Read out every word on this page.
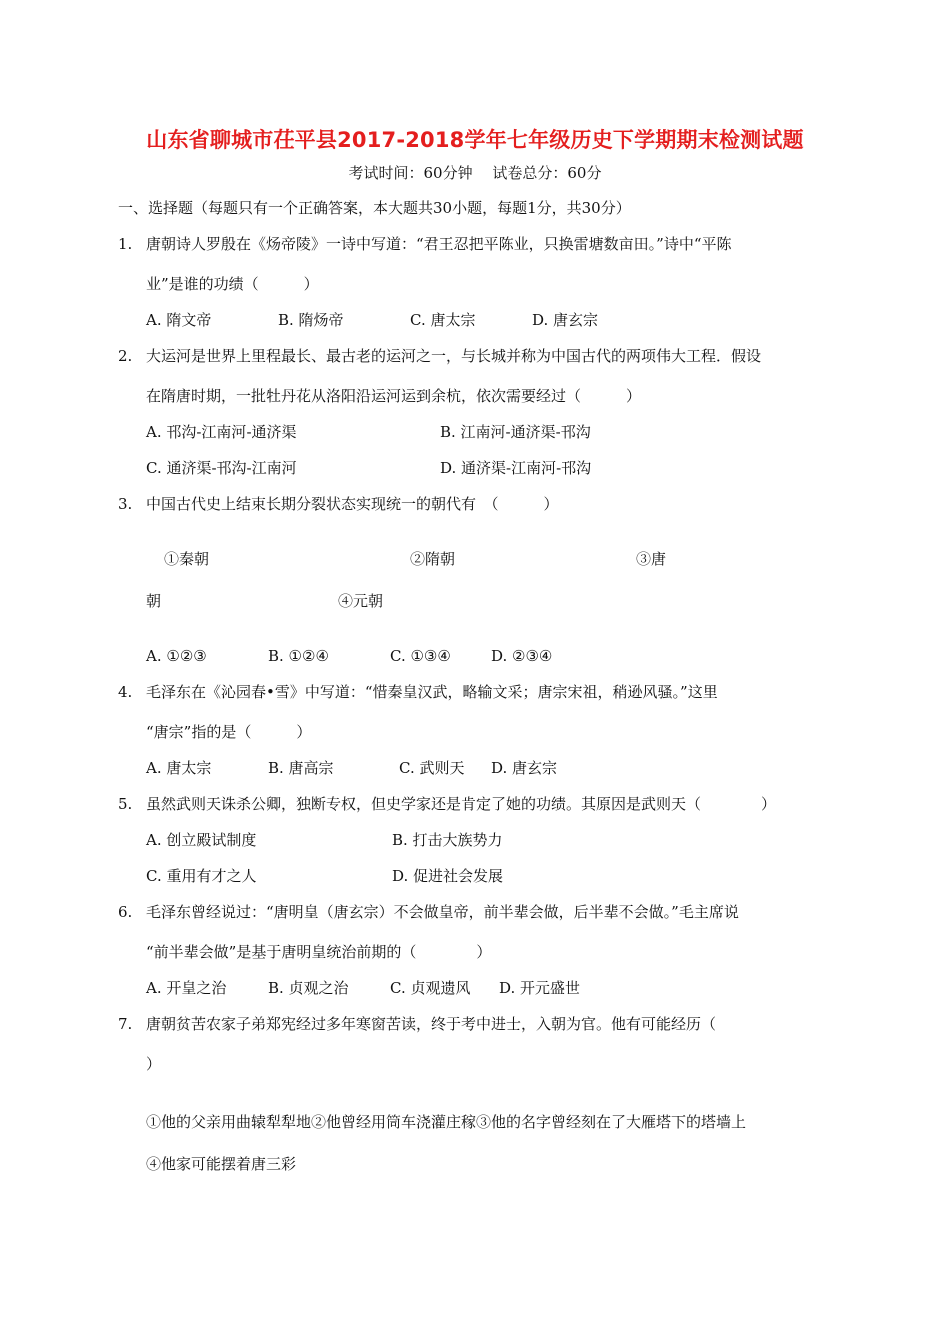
山东省聊城市茌平县2017-2018学年七年级历史下学期期末检测试题
考试时间：60分钟　 试卷总分：60分
一、选择题（每题只有一个正确答案，本大题共30小题，每题1分，共30分）
1. 唐朝诗人罗殷在《炀帝陵》一诗中写道：“君王忍把平陈业，只换雷塘数亩田。”诗中“平陈
业”是谁的功绩（　　　）
A. 隋文帝	B. 隋炀帝	C. 唐太宗	D. 唐玄宗
2. 大运河是世界上里程最长、最古老的运河之一，与长城并称为中国古代的两项伟大工程．假设
在隋唐时期，一批牡丹花从洛阳沿运河运到余杭，依次需要经过（　　　）
A. 邗沟-江南河-通济渠	B. 江南河-通济渠-邗沟
C. 通济渠-邗沟-江南河	D. 通济渠-江南河-邗沟
3. 中国古代史上结束长期分裂状态实现统一的朝代有　（　　　）
①秦朝	②隋朝	③唐
朝	④元朝
A. ①②③	B. ①②④	C. ①③④	D. ②③④
4. 毛泽东在《沁园春•雪》中写道：“惜秦皇汉武，略输文采；唐宗宋祖，稍逊风骚。”这里
“唐宗”指的是（　　　）
A. 唐太宗	B. 唐高宗	C. 武则天 D. 唐玄宗
5. 虽然武则天诛杀公卿，独断专权，但史学家还是肯定了她的功绩。其原因是武则天（　　　　）
A. 创立殿试制度	B. 打击大族势力
C. 重用有才之人	D. 促进社会发展
6. 毛泽东曾经说过：“唐明皇（唐玄宗）不会做皇帝，前半辈会做，后半辈不会做。”毛主席说
“前半辈会做”是基于唐明皇统治前期的（　　　　）
A. 开皇之治	B. 贞观之治	C. 贞观遗风 D. 开元盛世
7. 唐朝贫苦农家子弟郑宪经过多年寒窗苦读，终于考中进士，入朝为官。他有可能经历（
）
①他的父亲用曲辕犁犁地②他曾经用筒车浇灌庄稼③他的名字曾经刻在了大雁塔下的塔墙上
④他家可能摆着唐三彩
